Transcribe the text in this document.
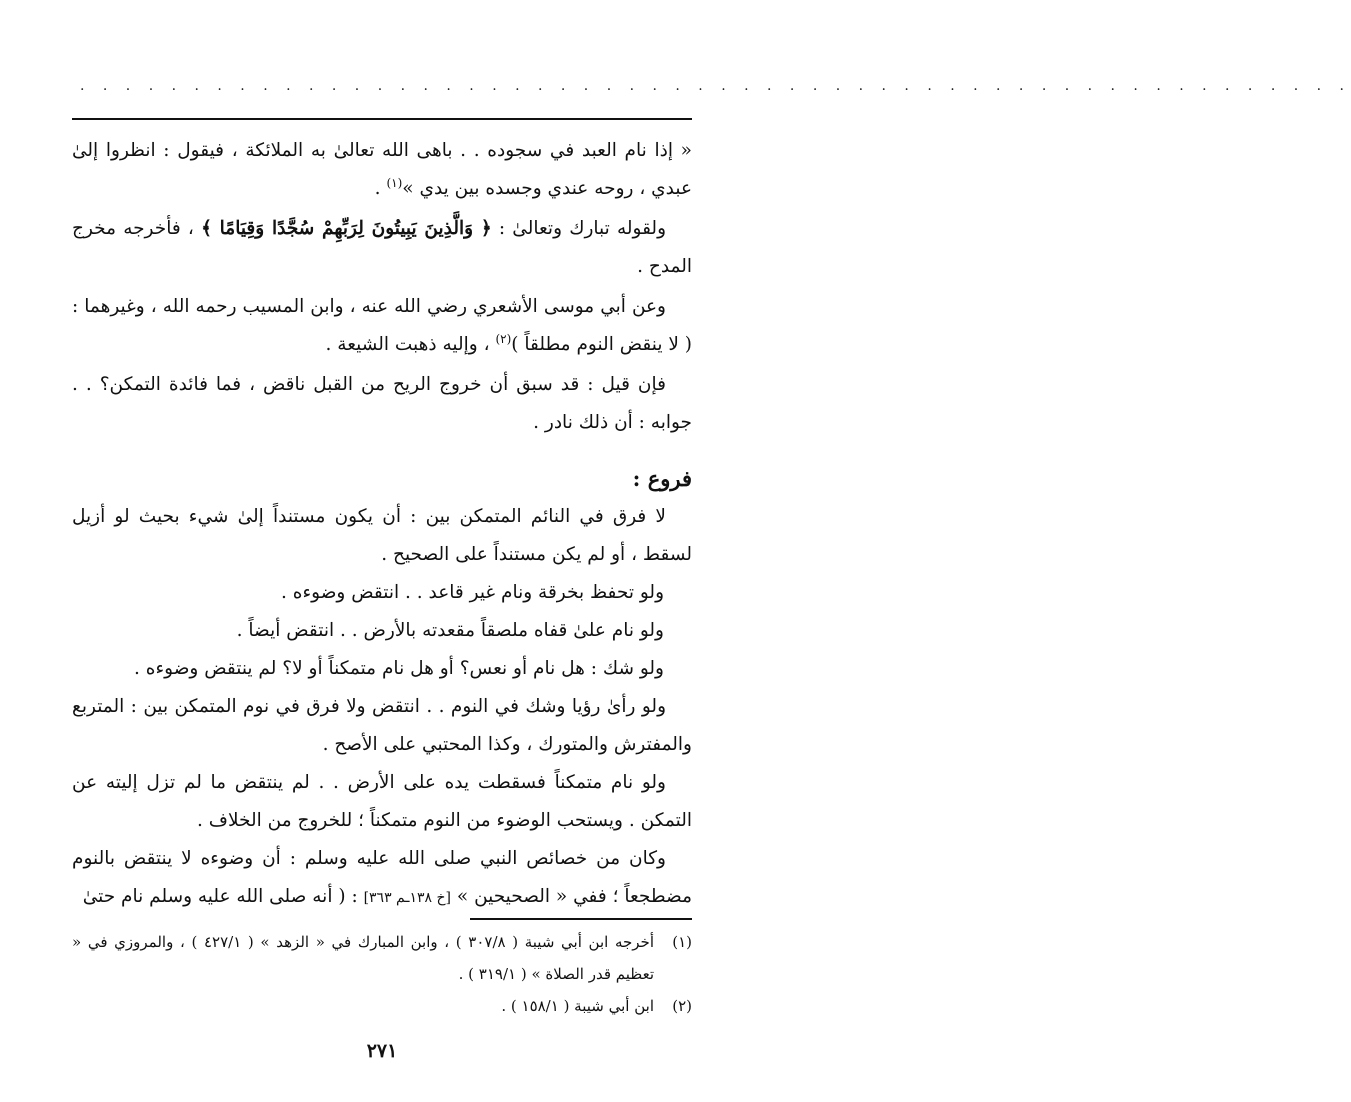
. . . . . . . . . . . . . . . . . . . . . . . . . . . . . . . . . . . . . . . . . . . . . . . . . . . . . . . .

« إذا نام العبد في سجوده . . باهى الله تعالىٰ به الملائكة ، فيقول : انظروا إلىٰ عبدي ، روحه عندي وجسده بين يدي »$^{(١)}$ .

ولقوله تبارك وتعالىٰ : ﴿ وَالَّذِينَ يَبِيتُونَ لِرَبِّهِمْ سُجَّدًا وَقِيَامًا ﴾ ، فأخرجه مخرج المدح .

وعن أبي موسى الأشعري رضي الله عنه ، وابن المسيب رحمه الله ، وغيرهما : ( لا ينقض النوم مطلقاً )$^{(٢)}$ ، وإليه ذهبت الشيعة .

فإن قيل : قد سبق أن خروج الريح من القبل ناقض ، فما فائدة التمكن؟ . . جوابه : أن ذلك نادر .

فروع :

لا فرق في النائم المتمكن بين : أن يكون مستنداً إلىٰ شيء بحيث لو أزيل لسقط ، أو لم يكن مستنداً على الصحيح .

ولو تحفظ بخرقة ونام غير قاعد . . انتقض وضوءه .

ولو نام علىٰ قفاه ملصقاً مقعدته بالأرض . . انتقض أيضاً .

ولو شك : هل نام أو نعس؟ أو هل نام متمكناً أو لا؟ لم ينتقض وضوءه .

ولو رأىٰ رؤيا وشك في النوم . . انتقض ولا فرق في نوم المتمكن بين : المتربع والمفترش والمتورك ، وكذا المحتبي على الأصح .

ولو نام متمكناً فسقطت يده على الأرض . . لم ينتقض ما لم تزل إليته عن التمكن . ويستحب الوضوء من النوم متمكناً ؛ للخروج من الخلاف .

وكان من خصائص النبي صلى الله عليه وسلم : أن وضوءه لا ينتقض بالنوم مضطجعاً ؛ ففي « الصحيحين » [خ ١٣٨ـم ٣٦٣] : ( أنه صلى الله عليه وسلم نام حتىٰ

(١)
أخرجه ابن أبي شيبة ( ٣٠٧/٨ ) ، وابن المبارك في « الزهد » ( ٤٢٧/١ ) ، والمروزي في « تعظيم قدر الصلاة » ( ٣١٩/١ ) .
(٢)
ابن أبي شيبة ( ١٥٨/١ ) .
٢٧١
